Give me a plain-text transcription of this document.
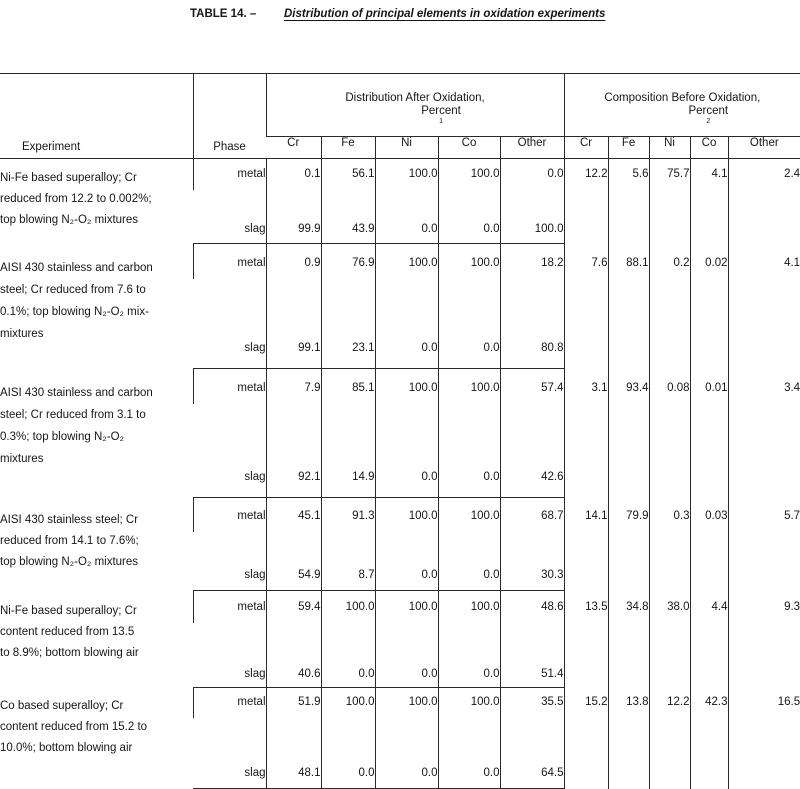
TABLE 14. – Distribution of principal elements in oxidation experiments
Experiment	Phase	Distribution After Oxidation,
Percent
$^1$					Composition Before Oxidation,
Percent
$^2$

		Cr	Fe	Ni	Co	Other	Cr	Fe	Ni	Co	Other

Ni-Fe based superalloy; Cr
reduced from 12.2 to 0.002%;
top blowing N₂-O₂ mixtures	metal	0.1	56.1	100.0	100.0	0.0	12.2	5.6	75.7	4.1	2.4
	slag	99.9	43.9	0.0	0.0	100.0					

AISI 430 stainless and carbon
steel; Cr reduced from 7.6 to
0.1%; top blowing N₂-O₂ mix-
mixtures	metal	0.9	76.9	100.0	100.0	18.2	7.6	88.1	0.2	0.02	4.1
	slag	99.1	23.1	0.0	0.0	80.8					

AISI 430 stainless and carbon
steel; Cr reduced from 3.1 to
0.3%; top blowing N₂-O₂
mixtures	metal	7.9	85.1	100.0	100.0	57.4	3.1	93.4	0.08	0.01	3.4
	slag	92.1	14.9	0.0	0.0	42.6					

AISI 430 stainless steel; Cr
reduced from 14.1 to 7.6%;
top blowing N₂-O₂ mixtures	metal	45.1	91.3	100.0	100.0	68.7	14.1	79.9	0.3	0.03	5.7
	slag	54.9	8.7	0.0	0.0	30.3					

Ni-Fe based superalloy; Cr
content reduced from 13.5
to 8.9%; bottom blowing air	metal	59.4	100.0	100.0	100.0	48.6	13.5	34.8	38.0	4.4	9.3
	slag	40.6	0.0	0.0	0.0	51.4					

Co based superalloy; Cr
content reduced from 15.2 to
10.0%; bottom blowing air	metal	51.9	100.0	100.0	100.0	35.5	15.2	13.8	12.2	42.3	16.5
	slag	48.1	0.0	0.0	0.0	64.5					
